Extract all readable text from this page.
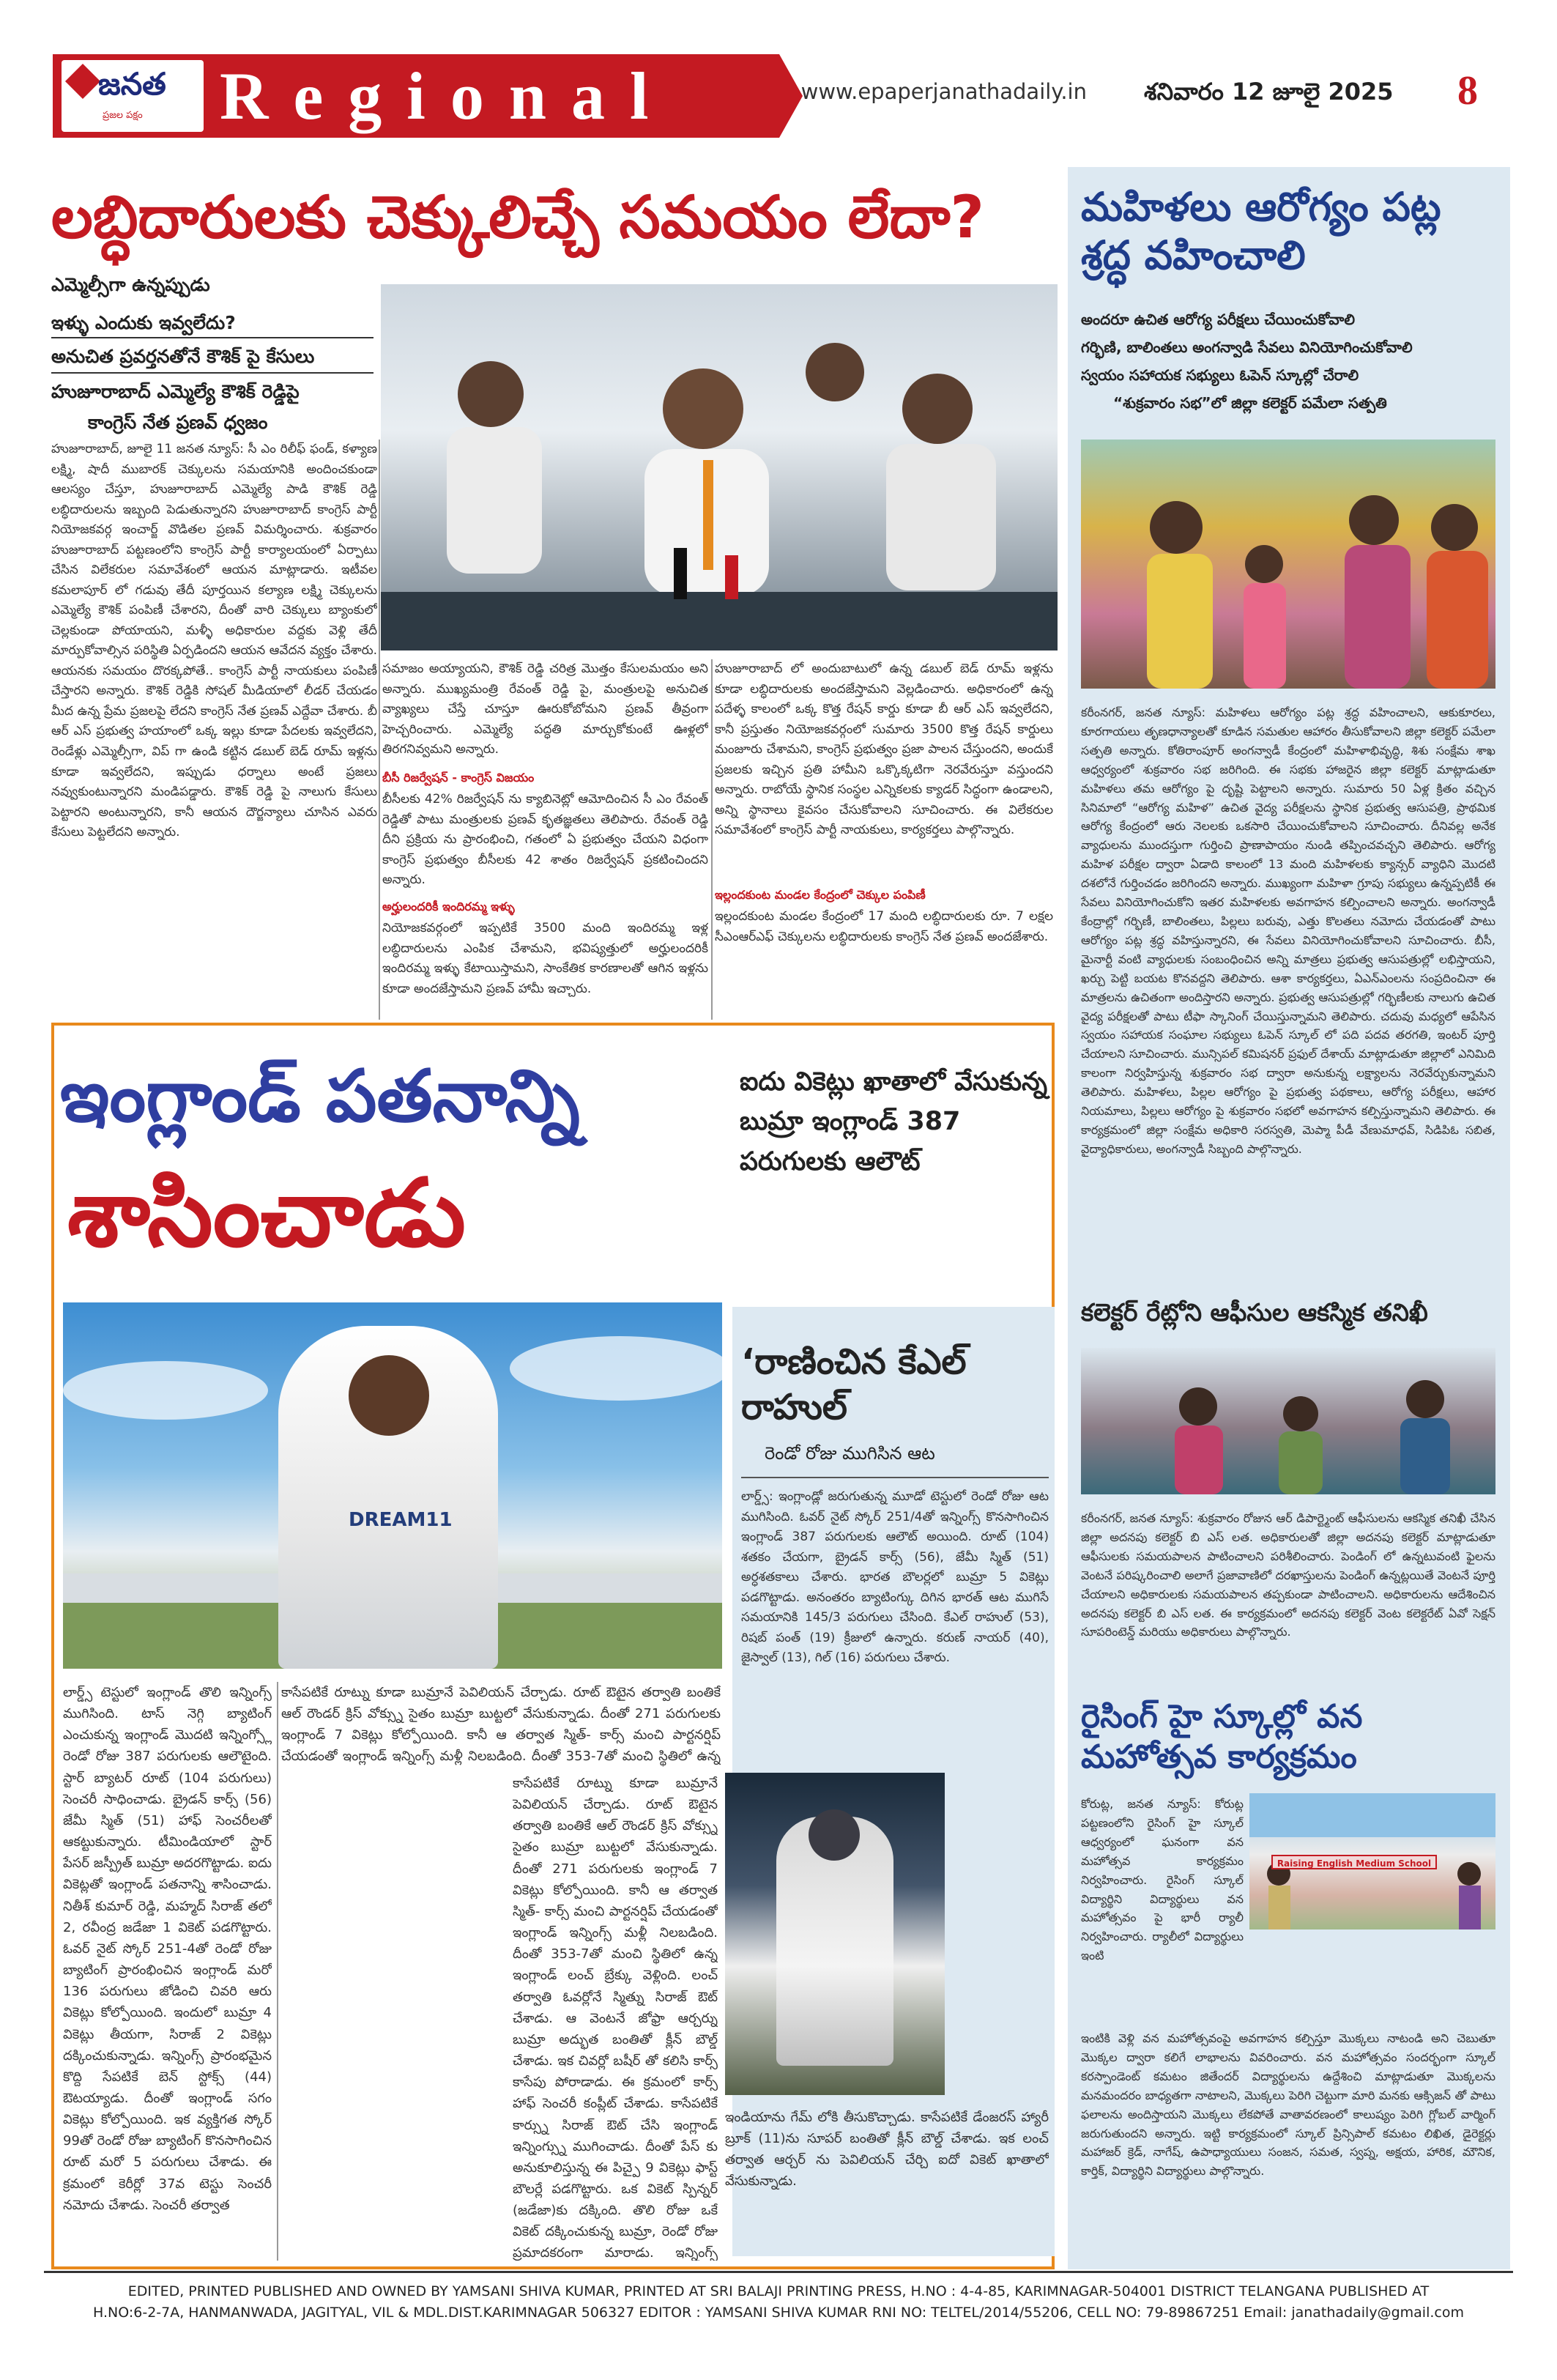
జనత
ప్రజల పక్షం Regional	www.epaperjanathadaily.in శనివారం 12 జూలై 2025	8
లబ్ధిదారులకు చెక్కులిచ్చే సమయం లేదా?
ఎమ్మెల్సీగా ఉన్నప్పుడు
ఇళ్ళు ఎందుకు ఇవ్వలేదు?
అనుచిత ప్రవర్తనతోనే కౌశిక్ పై కేసులు
హుజూరాబాద్ ఎమ్మెల్యే కౌశిక్ రెడ్డిపై
కాంగ్రెస్ నేత ప్రణవ్ ధ్వజం
హుజూరాబాద్, జూలై 11 జనత న్యూస్: సీ ఎం రిలీఫ్ ఫండ్, కళ్యాణ లక్ష్మి, షాదీ ముబారక్ చెక్కులను సమయానికి అందించకుండా ఆలస్యం చేస్తూ, హుజూరాబాద్ ఎమ్మెల్యే పాడి కౌశిక్ రెడ్డి లబ్ధిదారులను ఇబ్బంది పెడుతున్నారని హుజూరాబాద్ కాంగ్రెస్ పార్టీ నియోజకవర్గ ఇంచార్జ్ వొడితల ప్రణవ్ విమర్శించారు. శుక్రవారం హుజూరాబాద్ పట్టణంలోని కాంగ్రెస్ పార్టీ కార్యాలయంలో ఏర్పాటు చేసిన విలేకరుల సమావేశంలో ఆయన మాట్లాడారు. ఇటీవల కమలాపూర్ లో గడువు తేదీ పూర్తయిన కల్యాణ లక్ష్మి చెక్కులను ఎమ్మెల్యే కౌశిక్ పంపిణీ చేశారని, దీంతో వారి చెక్కులు బ్యాంకులో చెల్లకుండా పోయాయని, మళ్ళీ అధికారుల వద్దకు వెళ్లి తేదీ మార్పుకోవాల్సిన పరిస్థితి ఏర్పడిందని ఆయన ఆవేదన వ్యక్తం చేశారు. ఆయనకు సమయం దొరక్కపోతే.. కాంగ్రెస్ పార్టీ నాయకులు పంపిణీ చేస్తారని అన్నారు. కౌశిక్ రెడ్డికి సోషల్ మీడియాలో లీడర్ చేయడం మీద ఉన్న ప్రేమ ప్రజలపై లేదని కాంగ్రెస్ నేత ప్రణవ్ ఎద్దేవా చేశారు. బీ ఆర్ ఎస్ ప్రభుత్వ హయాంలో ఒక్క ఇల్లు కూడా పేదలకు ఇవ్వలేదని, రెండేళ్లు ఎమ్మెల్సీగా, విప్ గా ఉండి కట్టిన డబుల్ బెడ్ రూమ్ ఇళ్లను కూడా ఇవ్వలేదని, ఇప్పుడు ధర్నాలు అంటే ప్రజలు నవ్వుకుంటున్నారని మండిపడ్డారు. కౌశిక్ రెడ్డి పై నాలుగు కేసులు పెట్టారని అంటున్నారని, కానీ ఆయన దౌర్జన్యాలు చూసిన ఎవరు కేసులు పెట్టలేదని అన్నారు.
సమాజం అయ్యాయని, కౌశిక్ రెడ్డి చరిత్ర మొత్తం కేసులమయం అని అన్నారు. ముఖ్యమంత్రి రేవంత్ రెడ్డి పై, మంత్రులపై అనుచిత వ్యాఖ్యలు చేస్తే చూస్తూ ఊరుకోబోమని ప్రణవ్ తీవ్రంగా హెచ్చరించారు. ఎమ్మెల్యే పద్ధతి మార్చుకోకుంటే ఊళ్లలో తిరగనివ్వమని అన్నారు.
బీసీ రిజర్వేషన్ - కాంగ్రెస్ విజయం
బీసీలకు 42% రిజర్వేషన్ ను క్యాబినెట్లో ఆమోదించిన సీ ఎం రేవంత్ రెడ్డితో పాటు మంత్రులకు ప్రణవ్ కృతజ్ఞతలు తెలిపారు. రేవంత్ రెడ్డి దీని ప్రక్రియ ను ప్రారంభించి, గతంలో ఏ ప్రభుత్వం చేయని విధంగా కాంగ్రెస్ ప్రభుత్వం బీసీలకు 42 శాతం రిజర్వేషన్ ప్రకటించిందని అన్నారు.
అర్హులందరికీ ఇందిరమ్మ ఇళ్ళు
నియోజకవర్గంలో ఇప్పటికే 3500 మంది ఇందిరమ్మ ఇళ్ల లబ్ధిదారులను ఎంపిక చేశామని, భవిష్యత్తులో అర్హులందరికీ ఇందిరమ్మ ఇళ్ళు కేటాయిస్తామని, సాంకేతిక కారణాలతో ఆగిన ఇళ్లను కూడా అందజేస్తామని ప్రణవ్ హామీ ఇచ్చారు.
హుజూరాబాద్ లో అందుబాటులో ఉన్న డబుల్ బెడ్ రూమ్ ఇళ్లను కూడా లబ్ధిదారులకు అందజేస్తామని వెల్లడించారు. అధికారంలో ఉన్న పదేళ్ళ కాలంలో ఒక్క కొత్త రేషన్ కార్డు కూడా బీ ఆర్ ఎస్ ఇవ్వలేదని, కానీ ప్రస్తుతం నియోజకవర్గంలో సుమారు 3500 కొత్త రేషన్ కార్డులు మంజూరు చేశామని, కాంగ్రెస్ ప్రభుత్వం ప్రజా పాలన చేస్తుందని, అందుకే ప్రజలకు ఇచ్చిన ప్రతి హామీని ఒక్కొక్కటిగా నెరవేరుస్తూ వస్తుందని అన్నారు. రాబోయే స్థానిక సంస్థల ఎన్నికలకు క్యాడర్ సిద్ధంగా ఉండాలని, అన్ని స్థానాలు కైవసం చేసుకోవాలని సూచించారు. ఈ విలేకరుల సమావేశంలో కాంగ్రెస్ పార్టీ నాయకులు, కార్యకర్తలు పాల్గొన్నారు.
ఇల్లందకుంట మండల కేంద్రంలో చెక్కుల పంపిణీ
ఇల్లందకుంట మండల కేంద్రంలో 17 మంది లబ్ధిదారులకు రూ. 7 లక్షల సీఎంఆర్ఎఫ్ చెక్కులను లబ్ధిదారులకు కాంగ్రెస్ నేత ప్రణవ్ అందజేశారు.
మహిళలు ఆరోగ్యం పట్ల శ్రద్ధ వహించాలి
అందరూ ఉచిత ఆరోగ్య పరీక్షలు చేయించుకోవాలి
గర్భిణి, బాలింతలు అంగన్వాడి సేవలు వినియోగించుకోవాలి
స్వయం సహాయక సభ్యులు ఓపెన్ స్కూల్లో చేరాలి
“శుక్రవారం సభ”లో జిల్లా కలెక్టర్ పమేలా సత్పతి
కరీంనగర్, జనత న్యూస్: మహిళలు ఆరోగ్యం పట్ల శ్రద్ధ వహించాలని, ఆకుకూరలు, కూరగాయలు తృణధాన్యాలతో కూడిన సమతుల ఆహారం తీసుకోవాలని జిల్లా కలెక్టర్ పమేలా సత్పతి అన్నారు. కోతిరాంపూర్ అంగన్వాడీ కేంద్రంలో మహిళాభివృద్ధి, శిశు సంక్షేమ శాఖ ఆధ్వర్యంలో శుక్రవారం సభ జరిగింది. ఈ సభకు హాజరైన జిల్లా కలెక్టర్ మాట్లాడుతూ మహిళలు తమ ఆరోగ్యం పై దృష్టి పెట్టాలని అన్నారు. సుమారు 50 ఏళ్ల క్రితం వచ్చిన సినిమాలో “ఆరోగ్య మహిళ” ఉచిత వైద్య పరీక్షలను స్థానిక ప్రభుత్వ ఆసుపత్రి, ప్రాథమిక ఆరోగ్య కేంద్రంలో ఆరు నెలలకు ఒకసారి చేయించుకోవాలని సూచించారు. దీనివల్ల అనేక వ్యాధులను ముందస్తుగా గుర్తించి ప్రాణాపాయం నుండి తప్పించవచ్చని తెలిపారు. ఆరోగ్య మహిళ పరీక్షల ద్వారా ఏడాది కాలంలో 13 మంది మహిళలకు క్యాన్సర్ వ్యాధిని మొదటి దశలోనే గుర్తించడం జరిగిందని అన్నారు. ముఖ్యంగా మహిళా గ్రూపు సభ్యులు ఉన్నప్పటికీ ఈ సేవలు వినియోగించుకోని ఇతర మహిళలకు అవగాహన కల్పించాలని అన్నారు. అంగన్వాడీ కేంద్రాల్లో గర్భిణీ, బాలింతలు, పిల్లలు బరువు, ఎత్తు కొలతలు నమోదు చేయడంతో పాటు ఆరోగ్యం పట్ల శ్రద్ధ వహిస్తున్నారని, ఈ సేవలు వినియోగించుకోవాలని సూచించారు. బీసీ, మైనార్టీ వంటి వ్యాధులకు సంబంధించిన అన్ని మాత్రలు ప్రభుత్వ ఆసుపత్రుల్లో లభిస్తాయని, ఖర్చు పెట్టి బయట కొనవద్దని తెలిపారు. ఆశా కార్యకర్తలు, ఏఎన్ఎంలను సంప్రదించినా ఈ మాత్రలను ఉచితంగా అందిస్తారని అన్నారు. ప్రభుత్వ ఆసుపత్రుల్లో గర్భిణీలకు నాలుగు ఉచిత వైద్య పరీక్షలతో పాటు టీఫా స్కానింగ్ చేయిస్తున్నామని తెలిపారు. చదువు మధ్యలో ఆపేసిన స్వయం సహాయక సంఘాల సభ్యులు ఓపెన్ స్కూల్ లో పది పదవ తరగతి, ఇంటర్ పూర్తి చేయాలని సూచించారు. మున్సిపల్ కమిషనర్ ప్రఫుల్ దేశాయ్ మాట్లాడుతూ జిల్లాలో ఎనిమిది కాలంగా నిర్వహిస్తున్న శుక్రవారం సభ ద్వారా అనుకున్న లక్ష్యాలను నెరవేర్చుకున్నామని తెలిపారు. మహిళలు, పిల్లల ఆరోగ్యం పై ప్రభుత్వ పథకాలు, ఆరోగ్య పరీక్షలు, ఆహార నియమాలు, పిల్లలు ఆరోగ్యం పై శుక్రవారం సభలో అవగాహన కల్పిస్తున్నామని తెలిపారు. ఈ కార్యక్రమంలో జిల్లా సంక్షేమ అధికారి సరస్వతి, మెప్మా పీడీ వేణుమాధవ్, సిడిపిఓ సబిత, వైద్యాధికారులు, అంగన్వాడీ సిబ్బంది పాల్గొన్నారు.
కలెక్టర్ రేట్లోని ఆఫీసుల ఆకస్మిక తనిఖీ
కరీంనగర్, జనత న్యూస్: శుక్రవారం రోజున ఆర్ డిపార్ట్మెంట్ ఆఫీసులను ఆకస్మిక తనిఖీ చేసిన జిల్లా అదనపు కలెక్టర్ బి ఎస్ లత. అధికారులతో జిల్లా అదనపు కలెక్టర్ మాట్లాడుతూ ఆఫీసులకు సమయపాలన పాటించాలని పరిశీలించారు. పెండింగ్ లో ఉన్నటువంటి ఫైలను వెంటనే పరిష్కరించాలి అలాగే ప్రజావాణిలో దరఖాస్తులను పెండింగ్ ఉన్నట్లయితే వెంటనే పూర్తి చేయాలని అధికారులకు సమయపాలన తప్పకుండా పాటించాలని. అధికారులను ఆదేశించిన అదనపు కలెక్టర్ బి ఎస్ లత. ఈ కార్యక్రమంలో అదనపు కలెక్టర్ వెంట కలెక్టరేట్ ఏవో సెక్షన్ సూపరింటెన్డ్ మరియు అధికారులు పాల్గొన్నారు.
రైసింగ్ హై స్కూల్లో వన మహోత్సవ కార్యక్రమం
కోరుట్ల, జనత న్యూస్: కోరుట్ల పట్టణంలోని రైసింగ్ హై స్కూల్ ఆధ్వర్యంలో ఘనంగా వన మహోత్సవ కార్యక్రమం నిర్వహించారు. రైసింగ్ స్కూల్ విద్యార్థిని విద్యార్థులు వన మహోత్సవం పై భారీ ర్యాలీ నిర్వహించారు. ర్యాలీలో విద్యార్థులు ఇంటి
Raising English Medium School
ఇంటికి వెళ్లి వన మహోత్సవంపై అవగాహన కల్పిస్తూ మొక్కలు నాటండి అని చెబుతూ మొక్కల ద్వారా కలిగే లాభాలను వివరించారు. వన మహోత్సవం సందర్భంగా స్కూల్ కరస్పాండెంట్ కమటం జితేందర్ విద్యార్థులను ఉద్దేశించి మాట్లాడుతూ మొక్కలను మనమందరం బాధ్యతగా నాటాలని, మొక్కలు పెరిగి చెట్టుగా మారి మనకు ఆక్సిజన్ తో పాటు ఫలాలను అందిస్తాయని మొక్కలు లేకపోతే వాతావరణంలో కాలుష్యం పెరిగి గ్లోబల్ వార్మింగ్ జరుగుతుందని అన్నారు. ఇట్టి కార్యక్రమంలో స్కూల్ ప్రిన్సిపాల్ కమటం లిఖిత, డైరెక్టర్లు మహాజర్ క్రెడ్, నాగేష్, ఉపాధ్యాయులు సంజన, సమత, స్వప్న, అక్షయ, హారిక, మౌనిక, కార్తిక్, విద్యార్థిని విద్యార్థులు పాల్గొన్నారు.
ఇంగ్లాండ్ పతనాన్ని
శాసించాడు
ఐదు వికెట్లు ఖాతాలో వేసుకున్న బుమ్రా ఇంగ్లాండ్ 387 పరుగులకు ఆలౌట్
DREAM11
లార్డ్స్ టెస్టులో ఇంగ్లాండ్ తొలి ఇన్నింగ్స్ ముగిసింది. టాస్ నెగ్గి బ్యాటింగ్ ఎంచుకున్న ఇంగ్లాండ్ మొదటి ఇన్నింగ్స్లో రెండో రోజు 387 పరుగులకు ఆలౌటైంది. స్టార్ బ్యాటర్ రూట్ (104 పరుగులు) సెంచరీ సాధించాడు. బ్రైడన్ కార్స్ (56) జేమీ స్మిత్ (51) హాఫ్ సెంచరీలతో ఆకట్టుకున్నారు. టీమిండియాలో స్టార్ పేసర్ జస్ప్రీత్ బుమ్రా అదరగొట్టాడు. ఐదు వికెట్లతో ఇంగ్లాండ్ పతనాన్ని శాసించాడు. నితీశ్ కుమార్ రెడ్డి, మహ్మద్ సిరాజ్ తలో 2, రవీంద్ర జడేజా 1 వికెట్ పడగొట్టారు. ఓవర్ నైట్ స్కోర్ 251-4తో రెండో రోజు బ్యాటింగ్ ప్రారంభించిన ఇంగ్లాండ్ మరో 136 పరుగులు జోడించి చివరి ఆరు వికెట్లు కోల్పోయింది. ఇందులో బుమ్రా 4 వికెట్లు తీయగా, సిరాజ్ 2 వికెట్లు దక్కించుకున్నాడు. ఇన్నింగ్స్ ప్రారంభమైన కొద్ది సేపటికే బెన్ స్టోక్స్ (44) ఔటయ్యాడు. దీంతో ఇంగ్లాండ్ సగం వికెట్లు కోల్పోయింది. ఇక వ్యక్తిగత స్కోర్ 99తో రెండో రోజు బ్యాటింగ్ కొనసాగించిన రూట్ మరో 5 పరుగులు చేశాడు. ఈ క్రమంలో కెరీర్లో 37వ టెస్టు సెంచరీ నమోదు చేశాడు. సెంచరీ తర్వాత
కాసేపటికే రూట్ను కూడా బుమ్రానే పెవిలియన్ చేర్చాడు. రూట్ ఔటైన తర్వాతి బంతికే ఆల్ రౌండర్ క్రిస్ వోక్స్ను సైతం బుమ్రా బుట్టలో వేసుకున్నాడు. దీంతో 271 పరుగులకు ఇంగ్లాండ్ 7 వికెట్లు కోల్పోయింది. కానీ ఆ తర్వాత స్మిత్- కార్స్ మంచి పార్టనర్షిప్ చేయడంతో ఇంగ్లాండ్ ఇన్నింగ్స్ మళ్లీ నిలబడింది. దీంతో 353-7తో మంచి స్థితిలో ఉన్న
కాసేపటికే రూట్ను కూడా బుమ్రానే పెవిలియన్ చేర్చాడు. రూట్ ఔటైన తర్వాతి బంతికే ఆల్ రౌండర్ క్రిస్ వోక్స్ను సైతం బుమ్రా బుట్టలో వేసుకున్నాడు. దీంతో 271 పరుగులకు ఇంగ్లాండ్ 7 వికెట్లు కోల్పోయింది. కానీ ఆ తర్వాత స్మిత్- కార్స్ మంచి పార్టనర్షిప్ చేయడంతో ఇంగ్లాండ్ ఇన్నింగ్స్ మళ్లీ నిలబడింది. దీంతో 353-7తో మంచి స్థితిలో ఉన్న ఇంగ్లాండ్ లంచ్ బ్రేక్కు వెళ్లింది. లంచ్ తర్వాతి ఓవర్లోనే స్మిత్ను సిరాజ్ ఔట్ చేశాడు. ఆ వెంటనే జోఫ్రా ఆర్చర్ను బుమ్రా అద్భుత బంతితో క్లీన్ బౌల్డ్ చేశాడు. ఇక చివర్లో బషీర్ తో కలిసి కార్స్ కాసేపు పోరాడాడు. ఈ క్రమంలో కార్స్ హాఫ్ సెంచరీ కంప్లీట్ చేశాడు. కాసేపటికే కార్స్ను సిరాజ్ ఔట్ చేసి ఇంగ్లాండ్ ఇన్నింగ్స్ను ముగించాడు. దీంతో పేస్ కు అనుకూలిస్తున్న ఈ పిచ్పై 9 వికెట్లు ఫాస్ట్ బౌలర్లే పడగొట్టారు. ఒక వికెట్ స్పిన్నర్ (జడేజా)కు దక్కింది. తొలి రోజు ఒకే వికెట్ దక్కించుకున్న బుమ్రా, రెండో రోజు ప్రమాదకరంగా మారాడు. ఇన్నింగ్స్
‘రాణించిన కేఎల్ రాహుల్
రెండో రోజు ముగిసిన ఆట
లార్డ్స్: ఇంగ్లాండ్లో జరుగుతున్న మూడో టెస్టులో రెండో రోజు ఆట ముగిసింది. ఓవర్ నైట్ స్కోర్ 251/4తో ఇన్నింగ్స్ కొనసాగించిన ఇంగ్లాండ్ 387 పరుగులకు ఆలౌట్ అయింది. రూట్ (104) శతకం చేయగా, బ్రైడన్ కార్స్ (56), జేమీ స్మిత్ (51) అర్ధశతకాలు చేశారు. భారత బౌలర్లలో బుమ్రా 5 వికెట్లు పడగొట్టాడు. అనంతరం బ్యాటింగ్కు దిగిన భారత్ ఆట ముగిసే సమయానికి 145/3 పరుగులు చేసింది. కేఎల్ రాహుల్ (53), రిషబ్ పంత్ (19) క్రీజులో ఉన్నారు. కరుణ్ నాయర్ (40), జైస్వాల్ (13), గిల్ (16) పరుగులు చేశారు.
ఇండియాను గేమ్ లోకి తీసుకొచ్చాడు. కాసేపటికే డేంజరస్ హ్యారీ బ్రూక్ (11)ను సూపర్ బంతితో క్లీన్ బౌల్డ్ చేశాడు. ఇక లంచ్ తర్వాత ఆర్చర్ ను పెవిలియన్ చేర్చి ఐదో వికెట్ ఖాతాలో వేసుకున్నాడు.
EDITED, PRINTED PUBLISHED AND OWNED BY YAMSANI SHIVA KUMAR, PRINTED AT SRI BALAJI PRINTING PRESS, H.NO : 4-4-85, KARIMNAGAR-504001 DISTRICT TELANGANA PUBLISHED AT
H.NO:6-2-7A, HANMANWADA, JAGITYAL, VIL & MDL.DIST.KARIMNAGAR 506327 EDITOR : YAMSANI SHIVA KUMAR RNI NO: TELTEL/2014/55206, CELL NO: 79-89867251 Email: janathadaily@gmail.com
